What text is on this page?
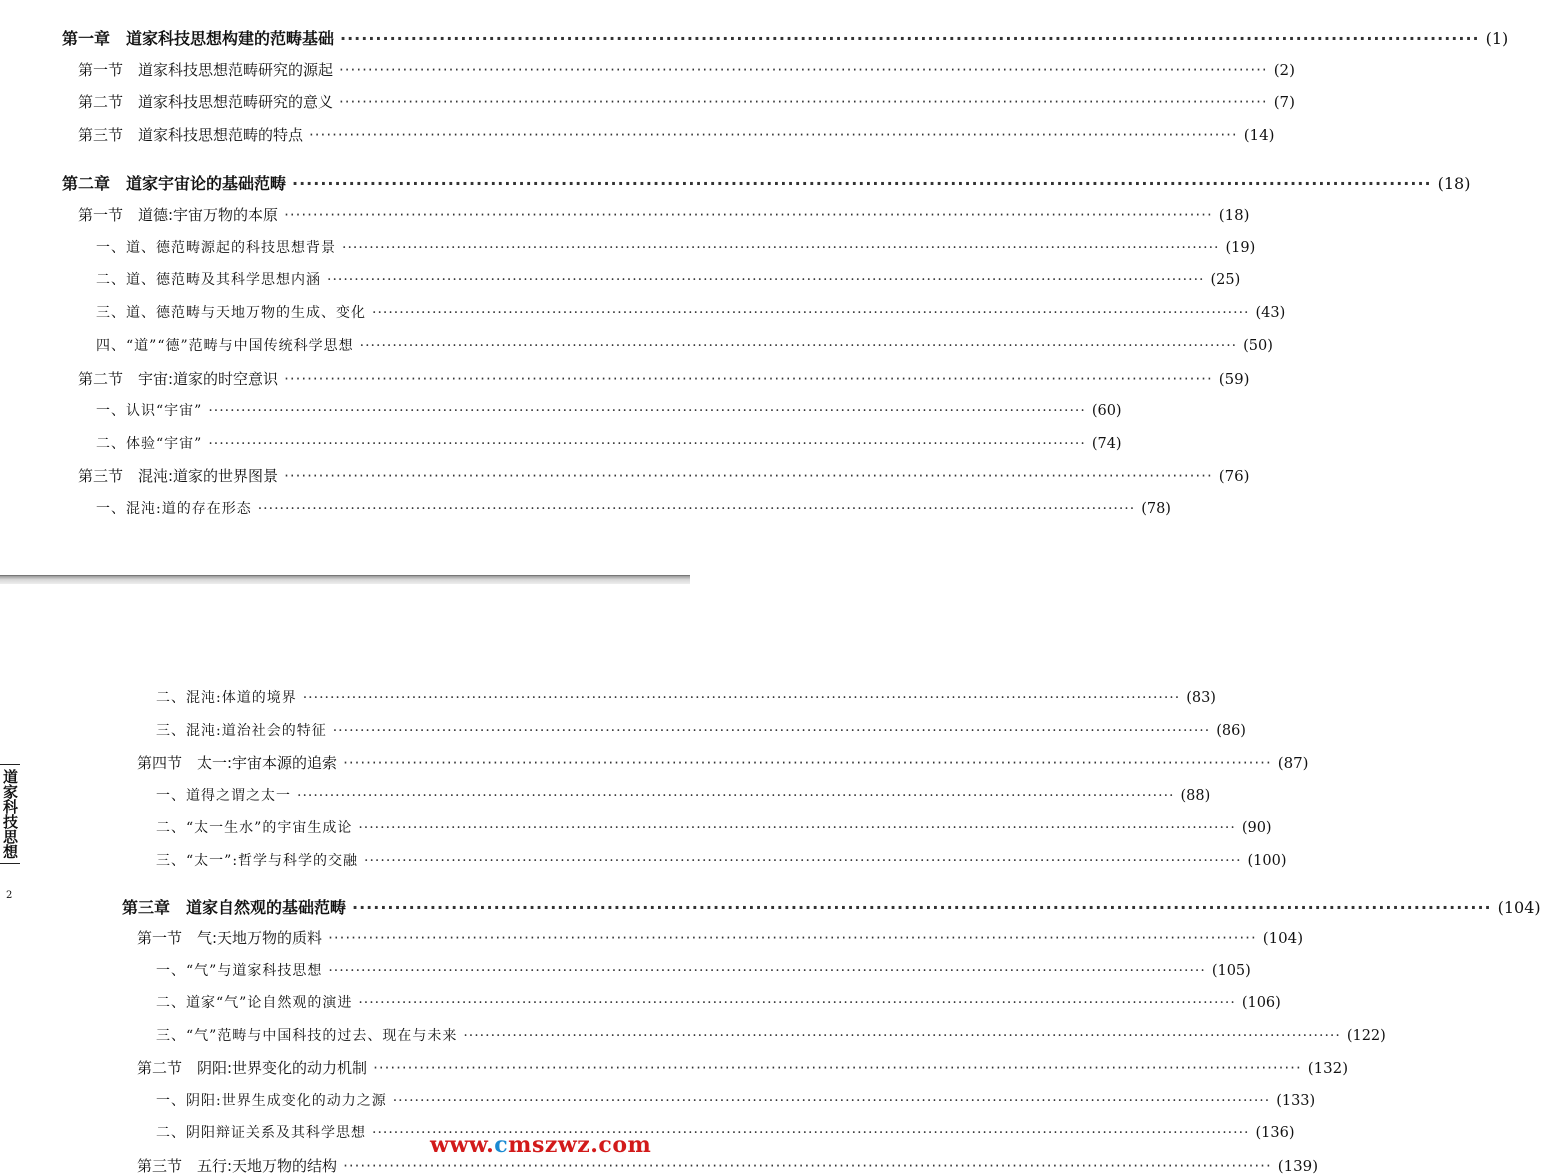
第一章　道家科技思想构建的范畴基础 ·····	(1)
第一节　道家科技思想范畴研究的源起 ·····	(2)
第二节　道家科技思想范畴研究的意义 ·····	(7)
第三节　道家科技思想范畴的特点 ·····	(14)
第二章　道家宇宙论的基础范畴 ·····	(18)
第一节　道德:宇宙万物的本原 ·····	(18)
一、道、德范畴源起的科技思想背景 ·····	(19)
二、道、德范畴及其科学思想内涵 ·····	(25)
三、道、德范畴与天地万物的生成、变化 ·····	(43)
四、“道”“德”范畴与中国传统科学思想 ·····	(50)
第二节　宇宙:道家的时空意识 ·····	(59)
一、认识“宇宙” ·····	(60)
二、体验“宇宙” ·····	(74)
第三节　混沌:道家的世界图景 ·····	(76)
一、混沌:道的存在形态 ·····	(78)
道家科技思想
2
二、混沌:体道的境界 ·····	(83)
三、混沌:道治社会的特征 ·····	(86)
第四节　太一:宇宙本源的追索 ·····	(87)
一、道得之谓之太一 ·····	(88)
二、“太一生水”的宇宙生成论 ·····	(90)
三、“太一”:哲学与科学的交融 ·····	(100)
第三章　道家自然观的基础范畴 ·····	(104)
第一节　气:天地万物的质料 ·····	(104)
一、“气”与道家科技思想 ·····	(105)
二、道家“气”论自然观的演进 ·····	(106)
三、“气”范畴与中国科技的过去、现在与未来 ·····	(122)
第二节　阴阳:世界变化的动力机制 ·····	(132)
一、阴阳:世界生成变化的动力之源 ·····	(133)
二、阴阳辩证关系及其科学思想 ·····	(136)
第三节　五行:天地万物的结构 ·····	(139)
www.cmszwz.com
